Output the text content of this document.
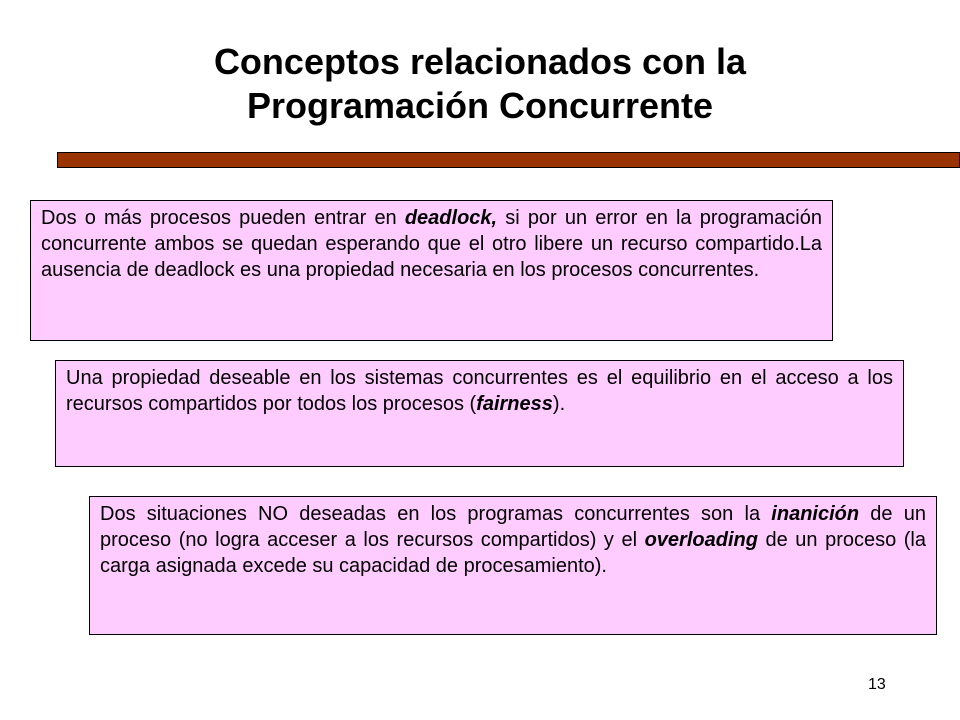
Conceptos relacionados con la
Programación Concurrente
Dos o más procesos pueden entrar en deadlock, si por un error en la programación concurrente ambos se quedan esperando que el otro libere un recurso compartido.La ausencia de deadlock es una propiedad necesaria en los procesos concurrentes.
Una propiedad deseable en los sistemas concurrentes es el equilibrio en el acceso a los recursos compartidos por todos los procesos (fairness).
Dos situaciones NO deseadas en los programas concurrentes son la inanición de un proceso (no logra acceser a los recursos compartidos) y el overloading de un proceso (la carga asignada excede su capacidad de procesamiento).
13
